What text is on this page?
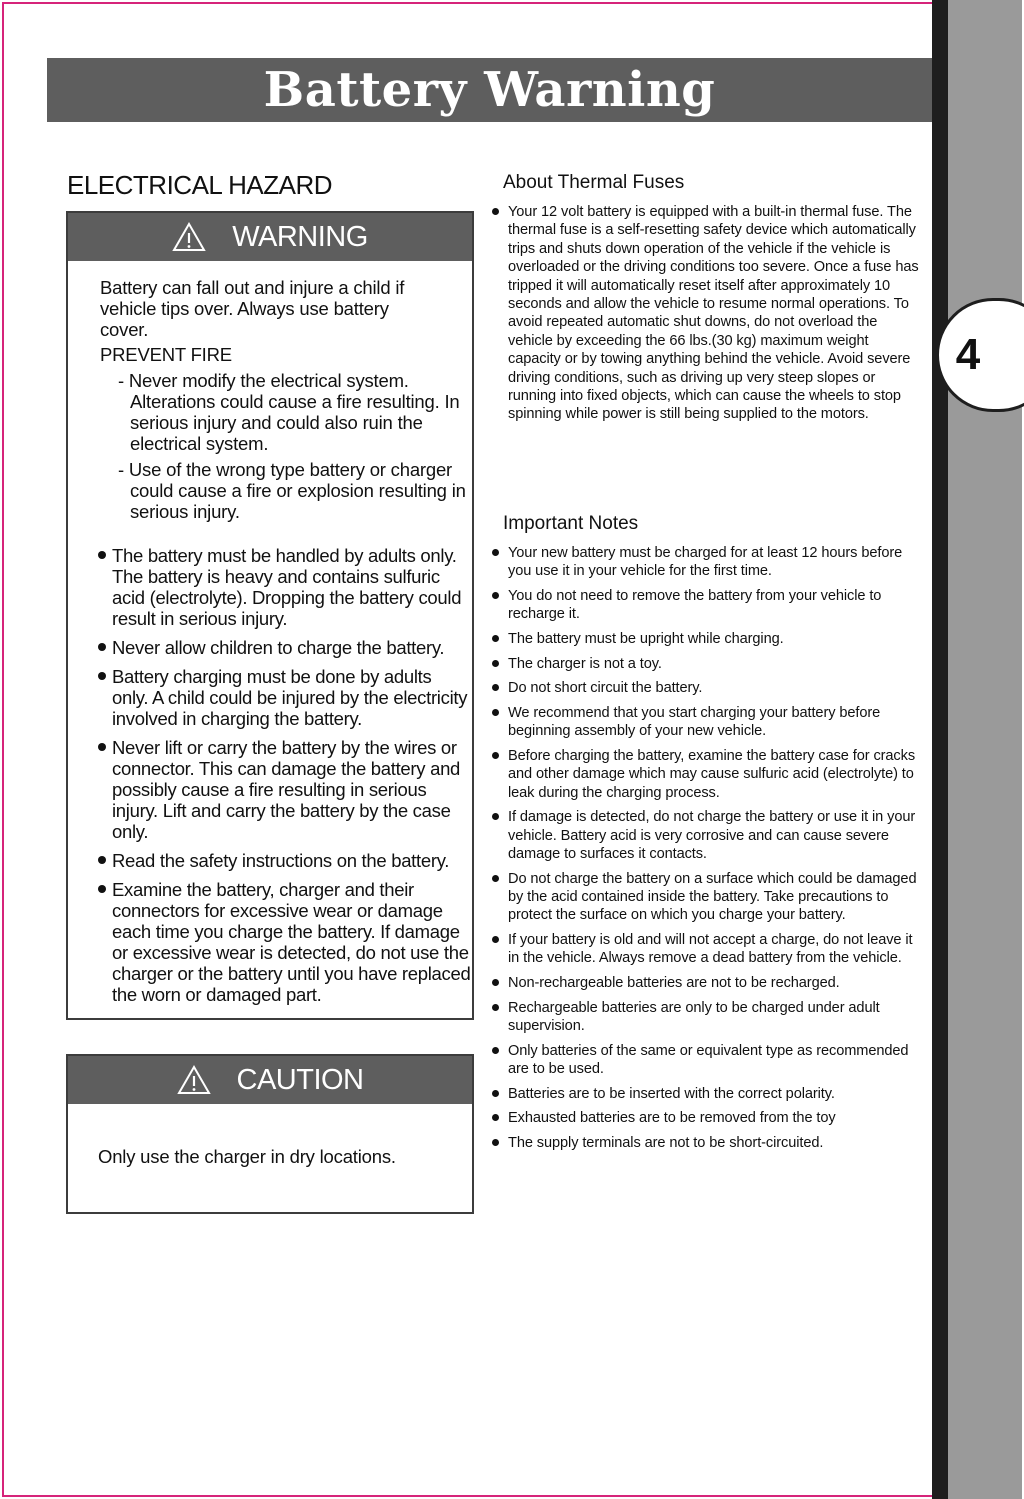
4
Battery Warning
ELECTRICAL HAZARD
WARNING
Battery can fall out and injure a child if vehicle tips over. Always use battery cover.
PREVENT FIRE
- Never modify the electrical system. Alterations could cause a fire resulting. In serious injury and could also ruin the electrical system.
- Use of the wrong type battery or charger could cause a fire or explosion resulting in serious injury.
The battery must be handled by adults only. The battery is heavy and contains sulfuric acid (electrolyte). Dropping the battery could result in serious injury.
Never allow children to charge the battery.
Battery charging must be done by adults only. A child could be injured by the electricity involved in charging the battery.
Never lift or carry the battery by the wires or connector. This can damage the battery and possibly cause a fire resulting in serious injury. Lift and carry the battery by the case only.
Read the safety instructions on the battery.
Examine the battery, charger and their connectors for excessive wear or damage each time you charge the battery. If damage or excessive wear is detected, do not use the charger or the battery until you have replaced the worn or damaged part.
CAUTION
Only use the charger in dry locations.
About Thermal Fuses
Your 12 volt battery is equipped with a built-in thermal fuse. The thermal fuse is a self-resetting safety device which automatically trips and shuts down operation of the vehicle if the vehicle is overloaded or the driving conditions too severe. Once a fuse has tripped it will automatically reset itself after approximately 10 seconds and allow the vehicle to resume normal operations. To avoid repeated automatic shut downs, do not overload the vehicle by exceeding the 66 lbs.(30 kg) maximum weight capacity or by towing anything behind the vehicle. Avoid severe driving conditions, such as driving up very steep slopes or running into fixed objects, which can cause the wheels to stop spinning while power is still being supplied to the motors.
Important Notes
Your new battery must be charged for at least 12 hours before you use it in your vehicle for the first time.
You do not need to remove the battery from your vehicle to recharge it.
The battery must be upright while charging.
The charger is not a toy.
Do not short circuit the battery.
We recommend that you start charging your battery before beginning assembly of your new vehicle.
Before charging the battery, examine the battery case for cracks and other damage which may cause sulfuric acid (electrolyte) to leak during the charging process.
If damage is detected, do not charge the battery or use it in your vehicle. Battery acid is very corrosive and can cause severe damage to surfaces it contacts.
Do not charge the battery on a surface which could be damaged by the acid contained inside the battery. Take precautions to protect the surface on which you charge your battery.
If your battery is old and will not accept a charge, do not leave it in the vehicle. Always remove a dead battery from the vehicle.
Non-rechargeable batteries are not to be recharged.
Rechargeable batteries are only to be charged under adult supervision.
Only batteries of the same or equivalent type as recommended are to be used.
Batteries are to be inserted with the correct polarity.
Exhausted batteries are to be removed from the toy
The supply terminals are not to be short-circuited.
